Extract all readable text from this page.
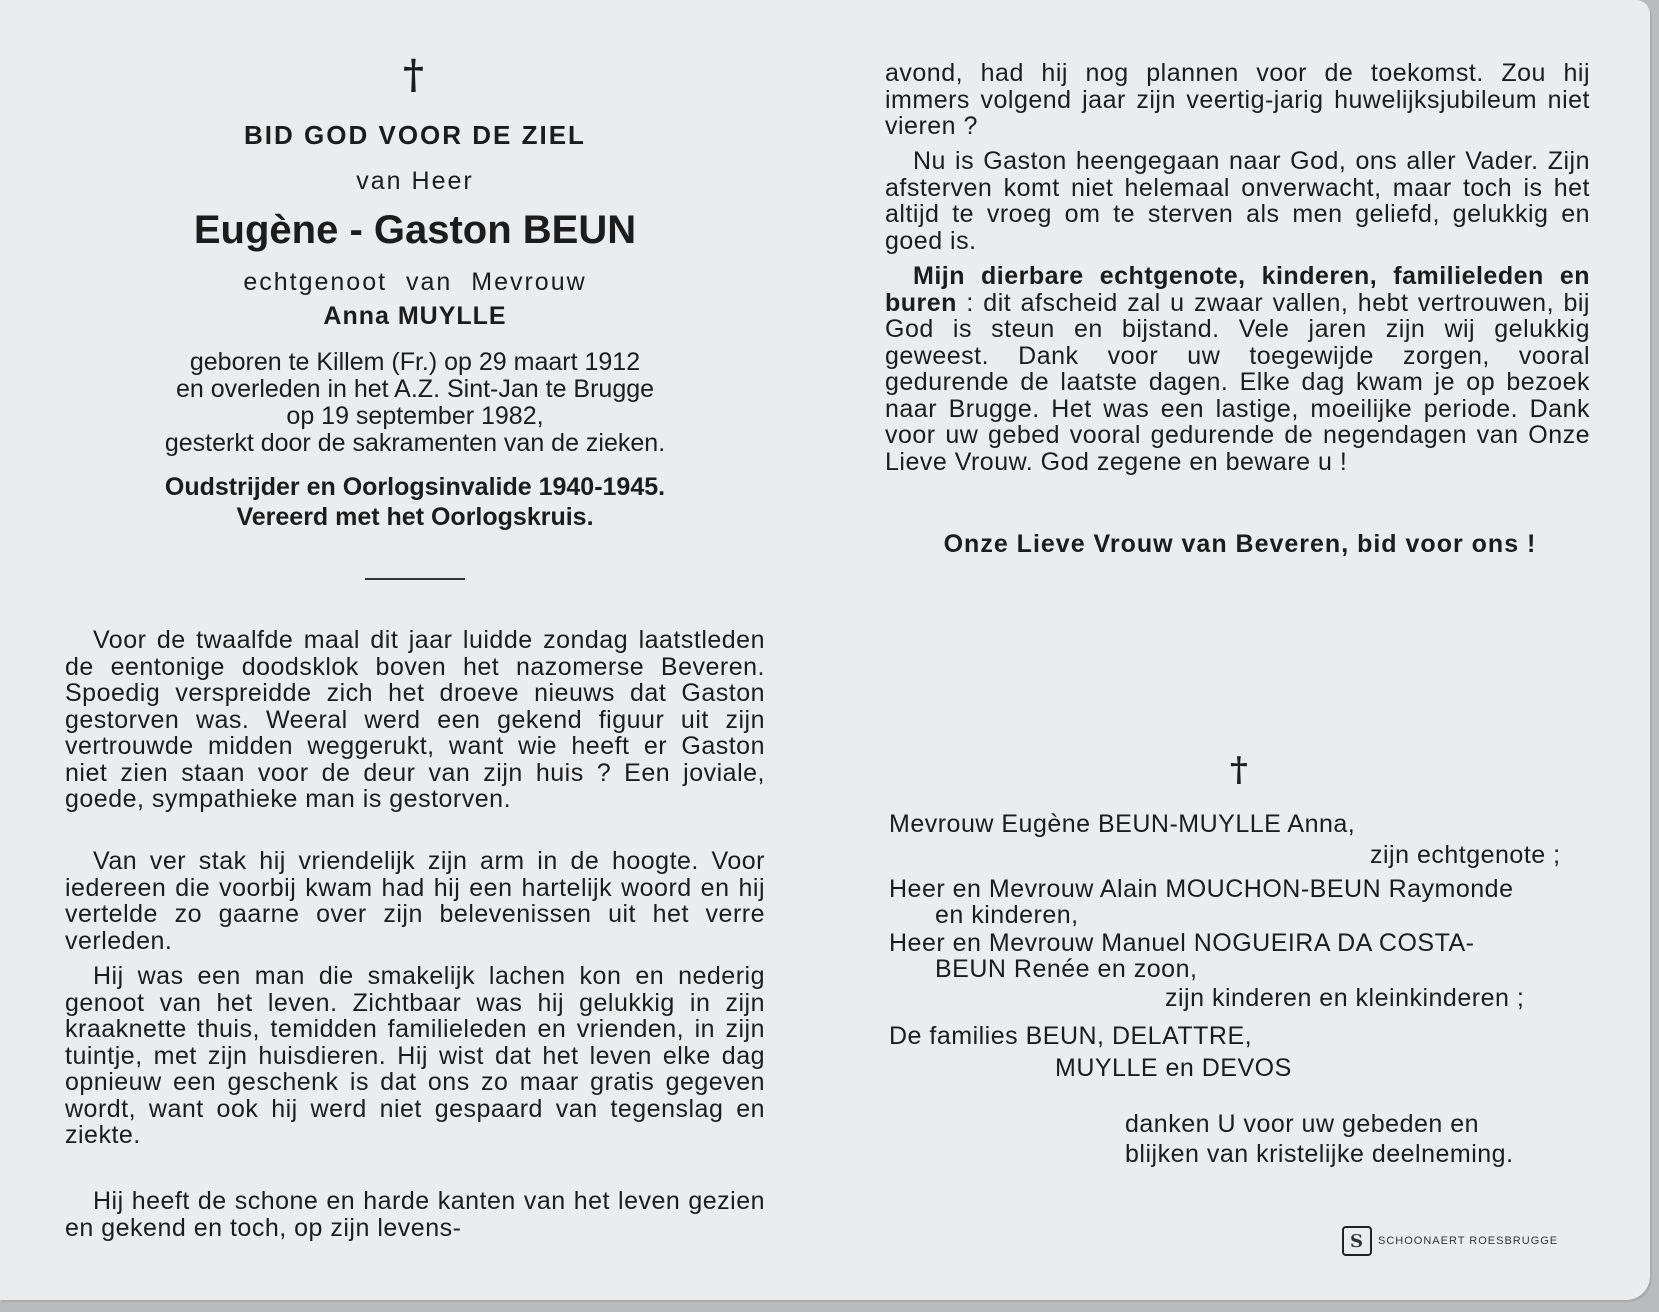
†
BID GOD VOOR DE ZIEL
van Heer
Eugène - Gaston BEUN
echtgenoot van Mevrouw
Anna MUYLLE
geboren te Killem (Fr.) op 29 maart 1912
en overleden in het A.Z. Sint-Jan te Brugge
op 19 september 1982,
gesterkt door de sakramenten van de zieken.
Oudstrijder en Oorlogsinvalide 1940-1945.
Vereerd met het Oorlogskruis.

Voor de twaalfde maal dit jaar luidde zondag laatstleden de eentonige doodsklok boven het nazomerse Beveren. Spoedig verspreidde zich het droeve nieuws dat Gaston gestorven was. Weeral werd een gekend figuur uit zijn vertrouwde midden weggerukt, want wie heeft er Gaston niet zien staan voor de deur van zijn huis ? Een joviale, goede, sympathieke man is gestorven.

Van ver stak hij vriendelijk zijn arm in de hoogte. Voor iedereen die voorbij kwam had hij een hartelijk woord en hij vertelde zo gaarne over zijn belevenissen uit het verre verleden.

Hij was een man die smakelijk lachen kon en nederig genoot van het leven. Zichtbaar was hij gelukkig in zijn kraaknette thuis, temidden familieleden en vrienden, in zijn tuintje, met zijn huisdieren. Hij wist dat het leven elke dag opnieuw een geschenk is dat ons zo maar gratis gegeven wordt, want ook hij werd niet gespaard van tegenslag en ziekte.

Hij heeft de schone en harde kanten van het leven gezien en gekend en toch, op zijn levens-

avond, had hij nog plannen voor de toekomst. Zou hij immers volgend jaar zijn veertig-jarig huwelijksjubileum niet vieren ?

Nu is Gaston heengegaan naar God, ons aller Vader. Zijn afsterven komt niet helemaal onverwacht, maar toch is het altijd te vroeg om te sterven als men geliefd, gelukkig en goed is.

Mijn dierbare echtgenote, kinderen, familieleden en buren : dit afscheid zal u zwaar vallen, hebt vertrouwen, bij God is steun en bijstand. Vele jaren zijn wij gelukkig geweest. Dank voor uw toegewijde zorgen, vooral gedurende de laatste dagen. Elke dag kwam je op bezoek naar Brugge. Het was een lastige, moeilijke periode. Dank voor uw gebed vooral gedurende de negendagen van Onze Lieve Vrouw. God zegene en beware u !

Onze Lieve Vrouw van Beveren, bid voor ons !
†
Mevrouw Eugène BEUN-MUYLLE Anna,
zijn echtgenote ;
Heer en Mevrouw Alain MOUCHON-BEUN Raymonde
en kinderen,
Heer en Mevrouw Manuel NOGUEIRA DA COSTA-
BEUN Renée en zoon,
zijn kinderen en kleinkinderen ;
De families BEUN, DELATTRE,
MUYLLE en DEVOS
danken U voor uw gebeden en
blijken van kristelijke deelneming.
S	SCHOONAERT ROESBRUGGE
